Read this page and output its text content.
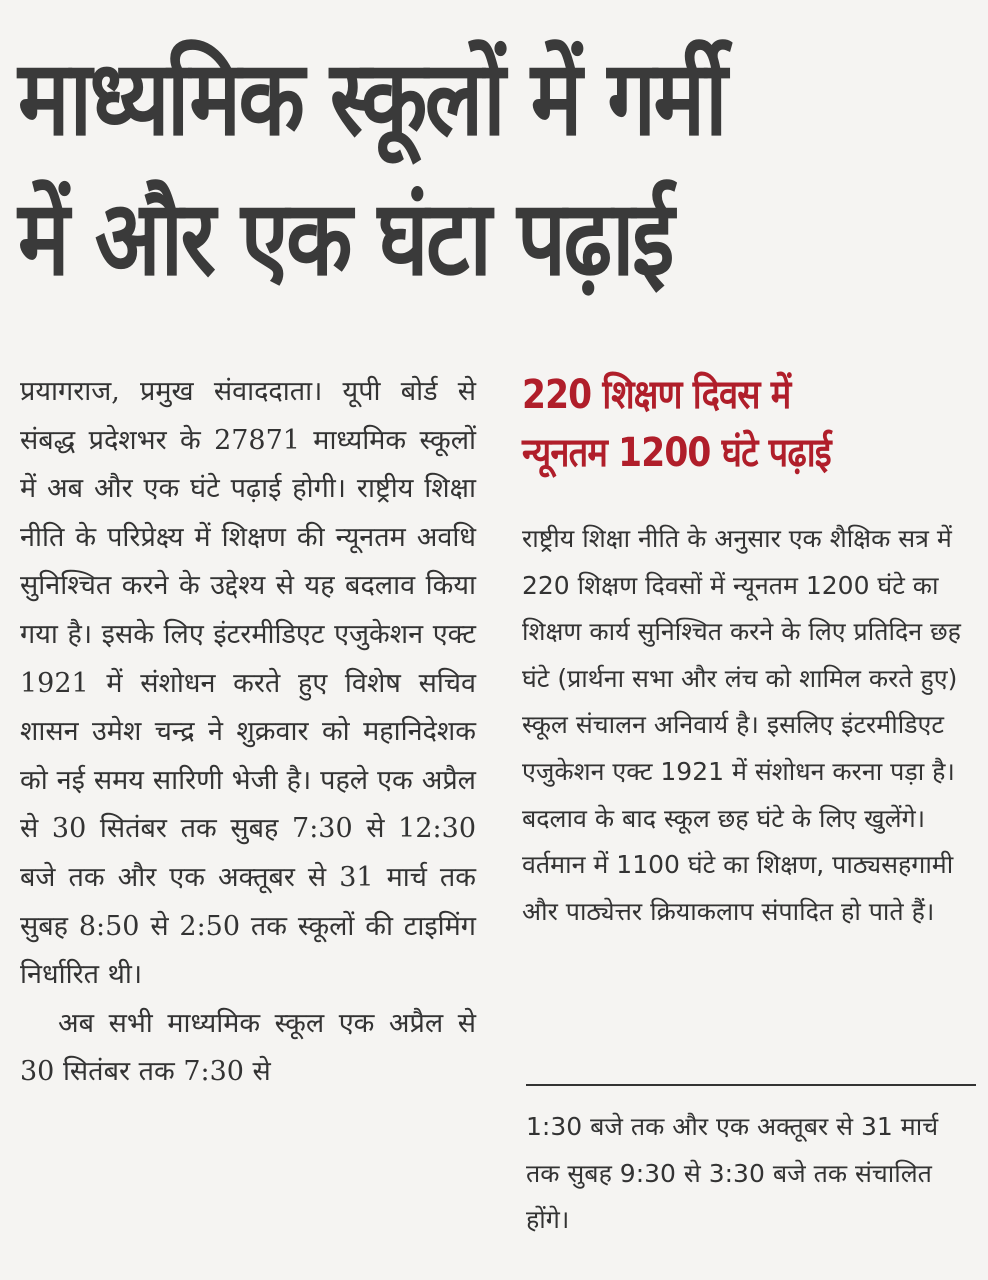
माध्यमिक स्कूलों में गर्मी
में और एक घंटा पढ़ाई

प्रयागराज, प्रमुख संवाददाता। यूपी बोर्ड से संबद्ध प्रदेशभर के 27871 माध्यमिक स्कूलों में अब और एक घंटे पढ़ाई होगी। राष्ट्रीय शिक्षा नीति के परिप्रेक्ष्य में शिक्षण की न्यूनतम अवधि सुनिश्चित करने के उद्देश्य से यह बदलाव किया गया है। इसके लिए इंटरमीडिएट एजुकेशन एक्ट 1921 में संशोधन करते हुए विशेष सचिव शासन उमेश चन्द्र ने शुक्रवार को महानिदेशक को नई समय सारिणी भेजी है। पहले एक अप्रैल से 30 सितंबर तक सुबह 7:30 से 12:30 बजे तक और एक अक्तूबर से 31 मार्च तक सुबह 8:50 से 2:50 तक स्कूलों की टाइमिंग निर्धारित थी।

अब सभी माध्यमिक स्कूल एक अप्रैल से 30 सितंबर तक 7:30 से

220 शिक्षण दिवस में
न्यूनतम 1200 घंटे पढ़ाई

राष्ट्रीय शिक्षा नीति के अनुसार एक शैक्षिक सत्र में 220 शिक्षण दिवसों में न्यूनतम 1200 घंटे का शिक्षण कार्य सुनिश्चित करने के लिए प्रतिदिन छह घंटे (प्रार्थना सभा और लंच को शामिल करते हुए) स्कूल संचालन अनिवार्य है। इसलिए इंटरमीडिएट एजुकेशन एक्ट 1921 में संशोधन करना पड़ा है। बदलाव के बाद स्कूल छह घंटे के लिए खुलेंगे। वर्तमान में 1100 घंटे का शिक्षण, पाठ्यसहगामी और पाठ्येत्तर क्रियाकलाप संपादित हो पाते हैं।

1:30 बजे तक और एक अक्तूबर से 31 मार्च तक सुबह 9:30 से 3:30 बजे तक संचालित होंगे।
